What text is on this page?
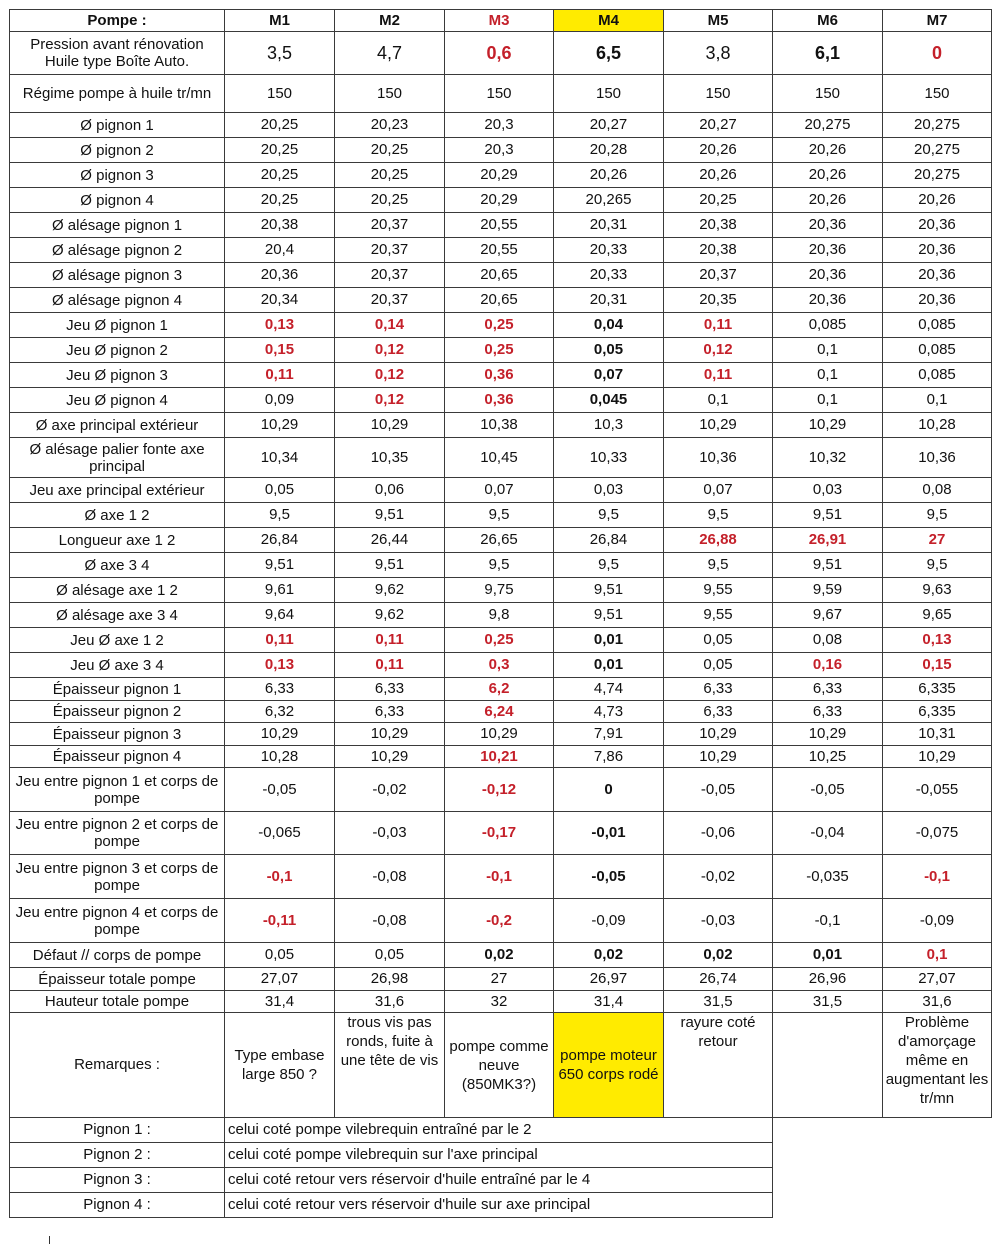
Pompe :	M1	M2	M3	M4	M5	M6	M7
Pression avant rénovation Huile type Boîte Auto.	3,5	4,7	0,6	6,5	3,8	6,1	0
Régime pompe à huile tr/mn	150	150	150	150	150	150	150
Ø pignon 1	20,25	20,23	20,3	20,27	20,27	20,275	20,275
Ø pignon 2	20,25	20,25	20,3	20,28	20,26	20,26	20,275
Ø pignon 3	20,25	20,25	20,29	20,26	20,26	20,26	20,275
Ø pignon 4	20,25	20,25	20,29	20,265	20,25	20,26	20,26
Ø alésage pignon 1	20,38	20,37	20,55	20,31	20,38	20,36	20,36
Ø alésage pignon 2	20,4	20,37	20,55	20,33	20,38	20,36	20,36
Ø alésage pignon 3	20,36	20,37	20,65	20,33	20,37	20,36	20,36
Ø alésage pignon 4	20,34	20,37	20,65	20,31	20,35	20,36	20,36
Jeu Ø pignon 1	0,13	0,14	0,25	0,04	0,11	0,085	0,085
Jeu Ø pignon 2	0,15	0,12	0,25	0,05	0,12	0,1	0,085
Jeu Ø pignon 3	0,11	0,12	0,36	0,07	0,11	0,1	0,085
Jeu Ø pignon 4	0,09	0,12	0,36	0,045	0,1	0,1	0,1
Ø axe principal extérieur	10,29	10,29	10,38	10,3	10,29	10,29	10,28
Ø alésage palier fonte axe principal	10,34	10,35	10,45	10,33	10,36	10,32	10,36
Jeu axe principal extérieur	0,05	0,06	0,07	0,03	0,07	0,03	0,08
Ø axe 1 2	9,5	9,51	9,5	9,5	9,5	9,51	9,5
Longueur axe 1 2	26,84	26,44	26,65	26,84	26,88	26,91	27
Ø axe 3 4	9,51	9,51	9,5	9,5	9,5	9,51	9,5
Ø alésage axe 1 2	9,61	9,62	9,75	9,51	9,55	9,59	9,63
Ø alésage axe 3 4	9,64	9,62	9,8	9,51	9,55	9,67	9,65
Jeu Ø axe 1 2	0,11	0,11	0,25	0,01	0,05	0,08	0,13
Jeu Ø axe 3 4	0,13	0,11	0,3	0,01	0,05	0,16	0,15
Épaisseur pignon 1	6,33	6,33	6,2	4,74	6,33	6,33	6,335
Épaisseur pignon 2	6,32	6,33	6,24	4,73	6,33	6,33	6,335
Épaisseur pignon 3	10,29	10,29	10,29	7,91	10,29	10,29	10,31
Épaisseur pignon 4	10,28	10,29	10,21	7,86	10,29	10,25	10,29
Jeu entre pignon 1 et corps de pompe	-0,05	-0,02	-0,12	0	-0,05	-0,05	-0,055
Jeu entre pignon 2 et corps de pompe	-0,065	-0,03	-0,17	-0,01	-0,06	-0,04	-0,075
Jeu entre pignon 3 et corps de pompe	-0,1	-0,08	-0,1	-0,05	-0,02	-0,035	-0,1
Jeu entre pignon 4 et corps de pompe	-0,11	-0,08	-0,2	-0,09	-0,03	-0,1	-0,09
Défaut // corps de pompe	0,05	0,05	0,02	0,02	0,02	0,01	0,1
Épaisseur totale pompe	27,07	26,98	27	26,97	26,74	26,96	27,07
Hauteur totale pompe	31,4	31,6	32	31,4	31,5	31,5	31,6
Remarques :	Type embase large 850 ?	trous vis pas ronds, fuite à une tête de vis	pompe comme neuve (850MK3?)	pompe moteur 650 corps rodé	rayure coté retour		Problème d'amorçage même en augmentant les tr/mn
Pignon 1 :	celui coté pompe vilebrequin entraîné par le 2						
Pignon 2 :	celui coté pompe vilebrequin sur l'axe principal						
Pignon 3 :	celui coté retour vers réservoir d'huile entraîné par le 4						
Pignon 4 :	celui coté retour vers réservoir d'huile sur axe principal						
